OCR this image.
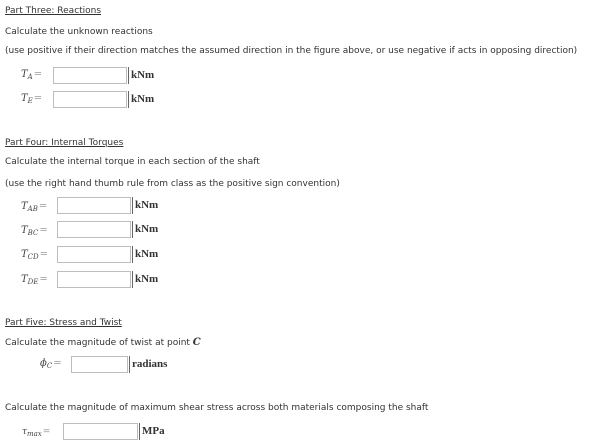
Part Three: Reactions
Calculate the unknown reactions
(use positive if their direction matches the assumed direction in the figure above, or use negative if acts in opposing direction)
$T_A=$	kNm
$T_E=$	kNm
Part Four: Internal Torques
Calculate the internal torque in each section of the shaft
(use the right hand thumb rule from class as the positive sign convention)
$T_{AB}=$	kNm
$T_{BC}=$	kNm
$T_{CD}=$	kNm
$T_{DE}=$	kNm
Part Five: Stress and Twist
Calculate the magnitude of twist at point C
$\phi_C=$	radians
Calculate the magnitude of maximum shear stress across both materials composing the shaft
$\tau_{max}=$	MPa
